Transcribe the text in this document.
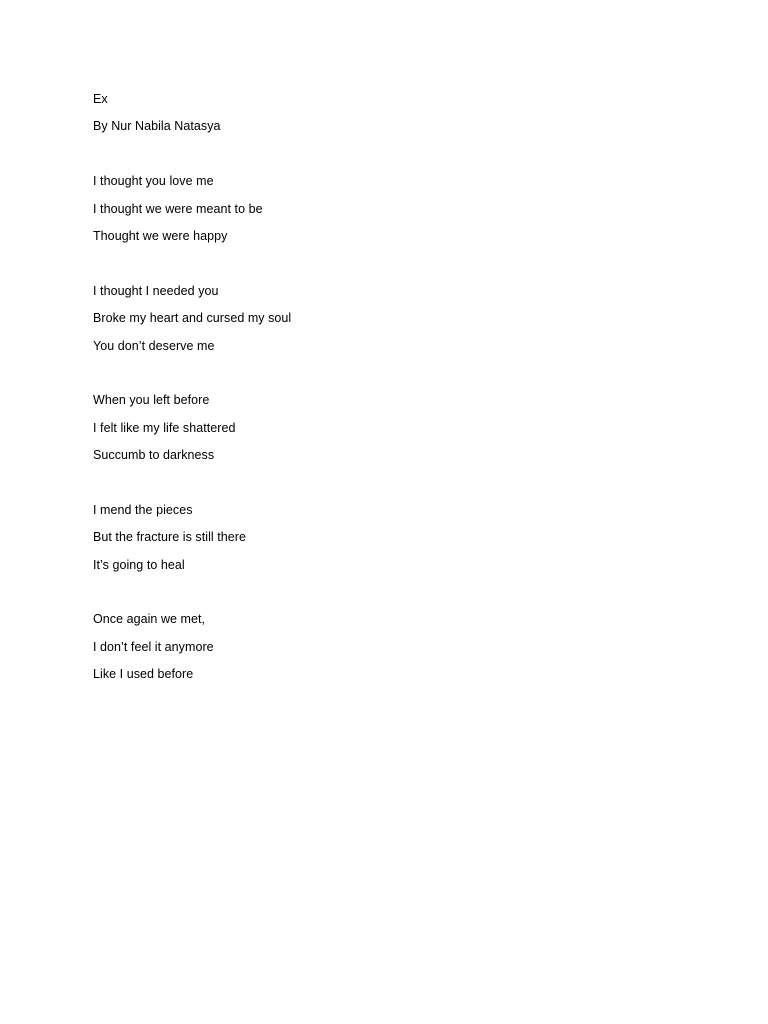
Ex
By Nur Nabila Natasya
I thought you love me
I thought we were meant to be
Thought we were happy
I thought I needed you
Broke my heart and cursed my soul
You don’t deserve me
When you left before
I felt like my life shattered
Succumb to darkness
I mend the pieces
But the fracture is still there
It’s going to heal
Once again we met,
I don’t feel it anymore
Like I used before
